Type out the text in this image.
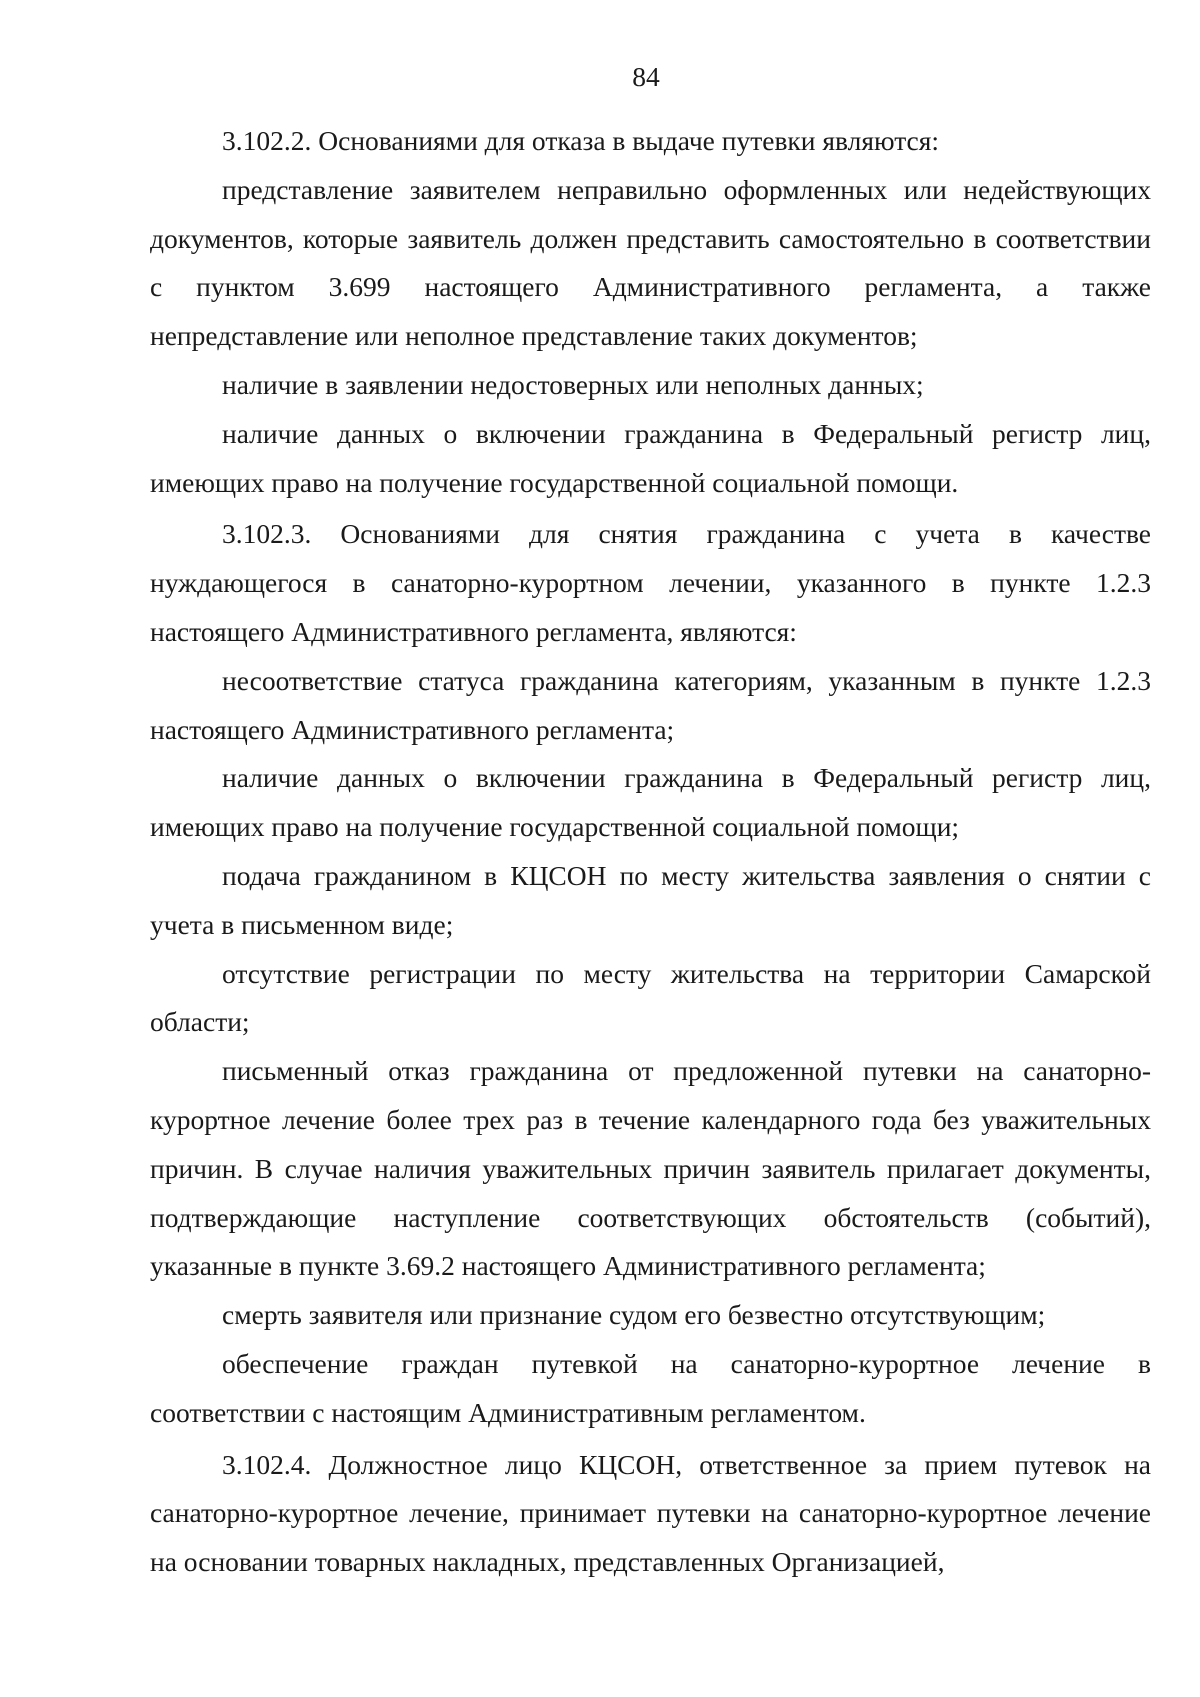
84

3.102.2. Основаниями для отказа в выдаче путевки являются:

представление заявителем неправильно оформленных или недействующих документов, которые заявитель должен представить самостоятельно в соответствии с пунктом 3.699 настоящего Административного регламента, а также непредставление или неполное представление таких документов;

наличие в заявлении недостоверных или неполных данных;

наличие данных о включении гражданина в Федеральный регистр лиц, имеющих право на получение государственной социальной помощи.

3.102.3. Основаниями для снятия гражданина с учета в качестве нуждающегося в санаторно-курортном лечении, указанного в пункте 1.2.3 настоящего Административного регламента, являются:

несоответствие статуса гражданина категориям, указанным в пункте 1.2.3 настоящего Административного регламента;

наличие данных о включении гражданина в Федеральный регистр лиц, имеющих право на получение государственной социальной помощи;

подача гражданином в КЦСОН по месту жительства заявления о снятии с учета в письменном виде;

отсутствие регистрации по месту жительства на территории Самарской области;

письменный отказ гражданина от предложенной путевки на санаторно-курортное лечение более трех раз в течение календарного года без уважительных причин. В случае наличия уважительных причин заявитель прилагает документы, подтверждающие наступление соответствующих обстоятельств (событий), указанные в пункте 3.69.2 настоящего Административного регламента;

смерть заявителя или признание судом его безвестно отсутствующим;

обеспечение граждан путевкой на санаторно-курортное лечение в соответствии с настоящим Административным регламентом.

3.102.4. Должностное лицо КЦСОН, ответственное за прием путевок на санаторно-курортное лечение, принимает путевки на санаторно-курортное лечение на основании товарных накладных, представленных Организацией,
